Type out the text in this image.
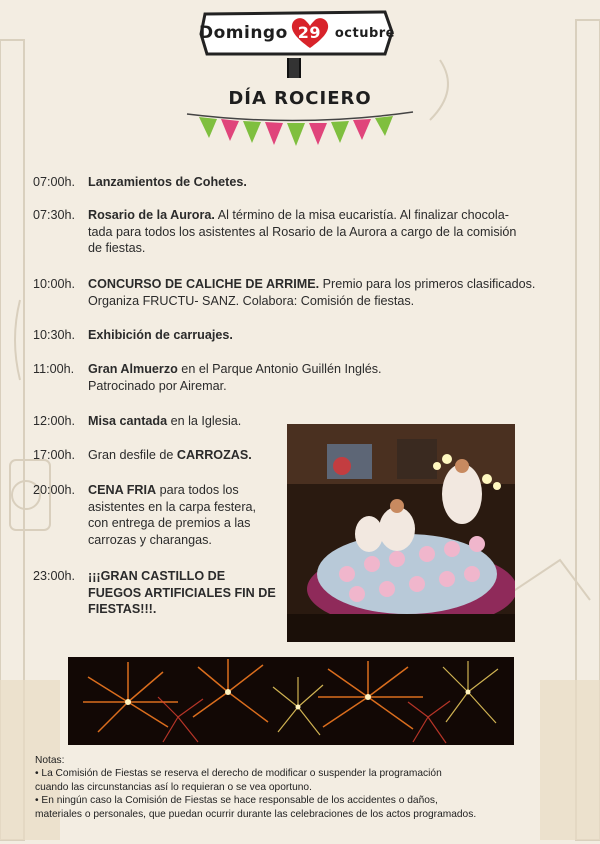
Domingo 29 octubre
DÍA ROCIERO
07:00h.	Lanzamientos de Cohetes.
07:30h.	Rosario de la Aurora. Al término de la misa eucaristía. Al finalizar chocola-
tada para todos los asistentes al Rosario de la Aurora a cargo de la comisión
de fiestas.
10:00h.	CONCURSO DE CALICHE DE ARRIME. Premio para los primeros clasificados.
Organiza FRUCTU- SANZ. Colabora: Comisión de fiestas.
10:30h.	Exhibición de carruajes.
11:00h.	Gran Almuerzo en el Parque Antonio Guillén Inglés.
Patrocinado por Airemar.
12:00h.	Misa cantada en la Iglesia.
17:00h.	Gran desfile de CARROZAS.
20:00h.	CENA FRIA para todos los
asistentes en la carpa festera,
con entrega de premios a las
carrozas y charangas.
23:00h.	¡¡¡GRAN CASTILLO DE
FUEGOS ARTIFICIALES FIN DE
FIESTAS!!!.
Notas:
• La Comisión de Fiestas se reserva el derecho de modificar o suspender la programación
cuando las circunstancias así lo requieran o se vea oportuno.
• En ningún caso la Comisión de Fiestas se hace responsable de los accidentes o daños,
materiales o personales, que puedan ocurrir durante las celebraciones de los actos programados.
